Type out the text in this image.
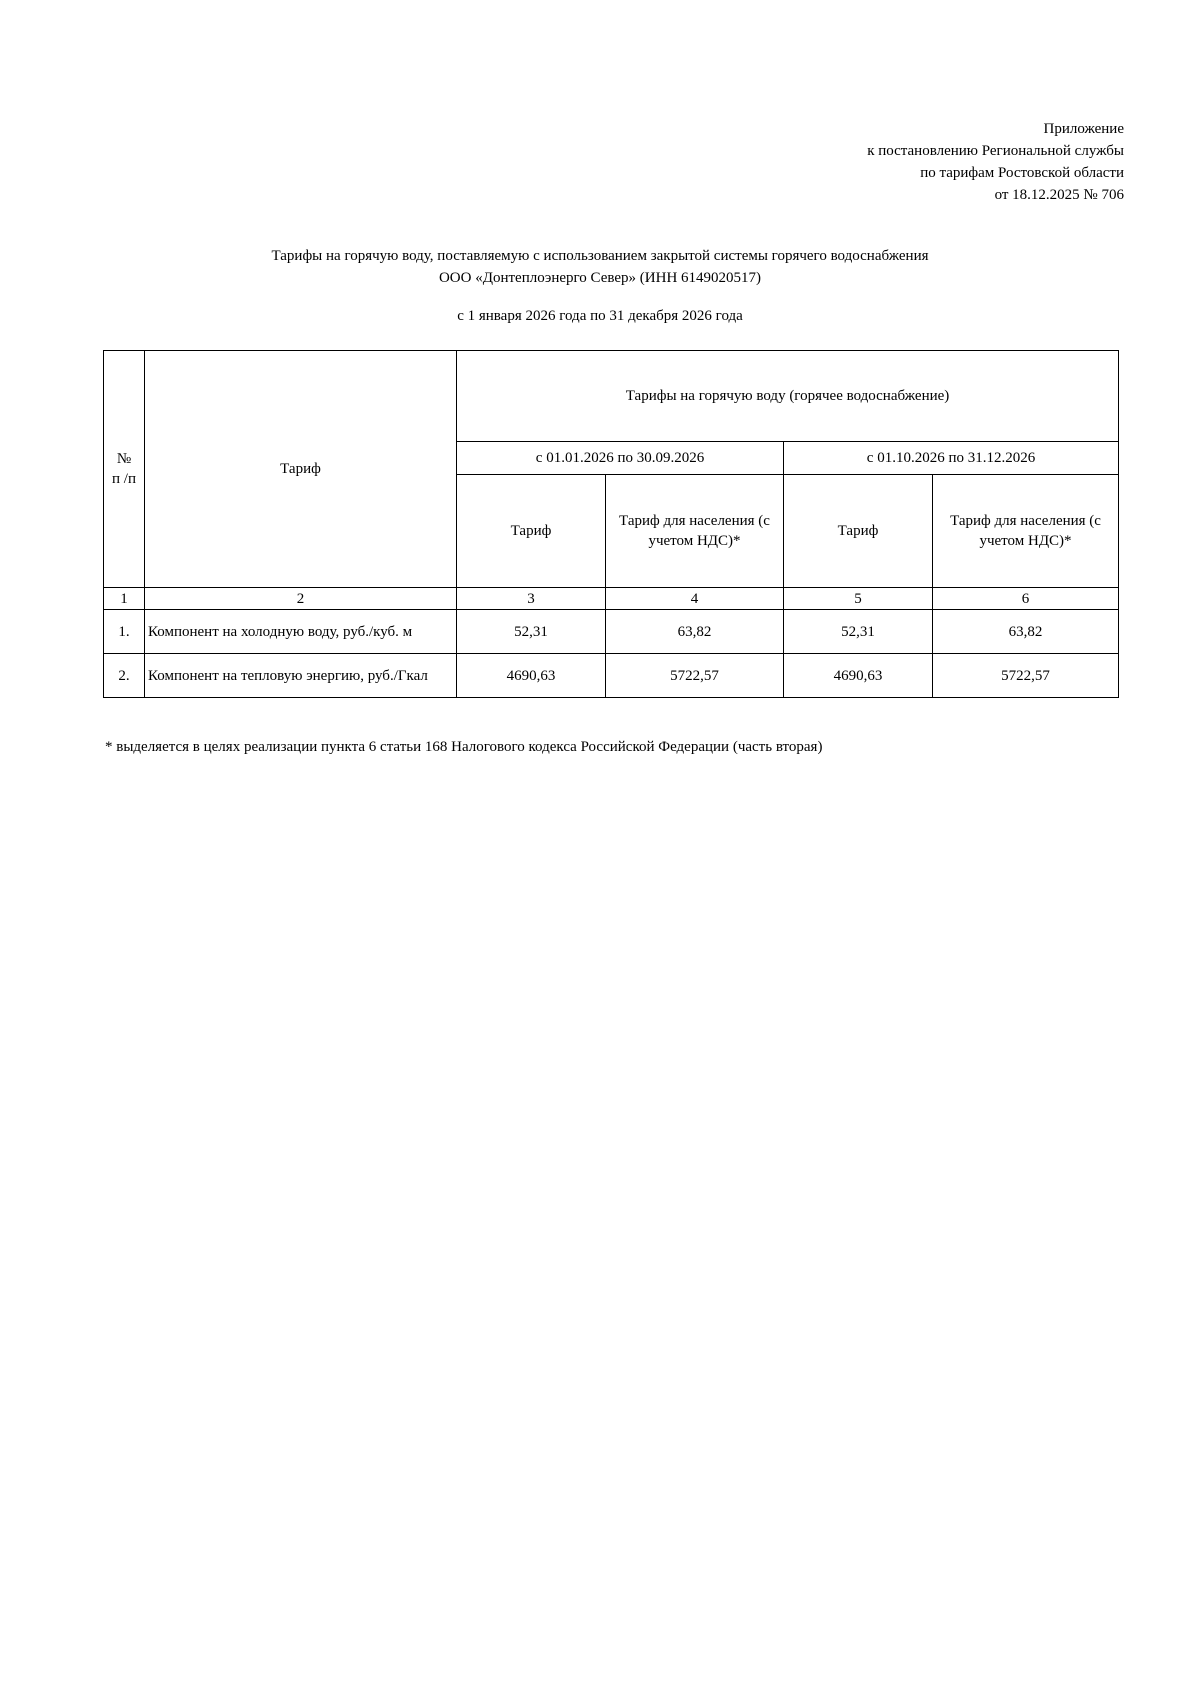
Приложение
к постановлению Региональной службы
по тарифам Ростовской области
от 18.12.2025 № 706
Тарифы на горячую воду, поставляемую с использованием закрытой системы горячего водоснабжения
ООО «Донтеплоэнерго Север» (ИНН 6149020517)
с 1 января 2026 года по 31 декабря 2026 года
№
п /п	Тариф	Тарифы на горячую воду (горячее водоснабжение)			
		с 01.01.2026 по 30.09.2026		с 01.10.2026 по 31.12.2026	
		Тариф	Тариф для населения (с учетом НДС)*	Тариф	Тариф для населения (с учетом НДС)*
1	2	3	4	5	6
1.	Компонент на холодную воду, руб./куб. м	52,31	63,82	52,31	63,82
2.	Компонент на тепловую энергию, руб./Гкал	4690,63	5722,57	4690,63	5722,57
* выделяется в целях реализации пункта 6 статьи 168 Налогового кодекса Российской Федерации (часть вторая)
